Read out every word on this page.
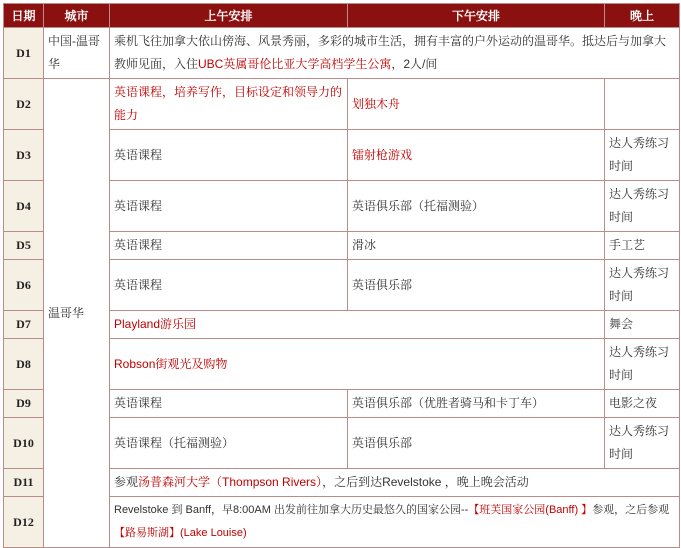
日期	城市	上午安排	下午安排	晚上
D1	中国-温哥华	乘机飞往加拿大依山傍海、风景秀丽，多彩的城市生活，拥有丰富的户外运动的温哥华。抵达后与加拿大教师见面，入住UBC英属哥伦比亚大学高档学生公寓，2人/间		
D2	温哥华	英语课程，培养写作，目标设定和领导力的能力	划独木舟	
D3		英语课程	镭射枪游戏	达人秀练习时间
D4		英语课程	英语俱乐部（托福测验）	达人秀练习时间
D5		英语课程	滑冰	手工艺
D6		英语课程	英语俱乐部	达人秀练习时间
D7		Playland游乐园		舞会
D8		Robson街观光及购物		达人秀练习时间
D9		英语课程	英语俱乐部（优胜者骑马和卡丁车）	电影之夜
D10		英语课程（托福测验）	英语俱乐部	达人秀练习时间
D11		参观汤普森河大学（Thompson Rivers），之后到达Revelstoke ，晚上晚会活动		
D12		Revelstoke 到 Banff，早8:00AM 出发前往加拿大历史最悠久的国家公园--【班芙国家公园(Banff) 】参观，之后参观【路易斯湖】(Lake Louise)		
